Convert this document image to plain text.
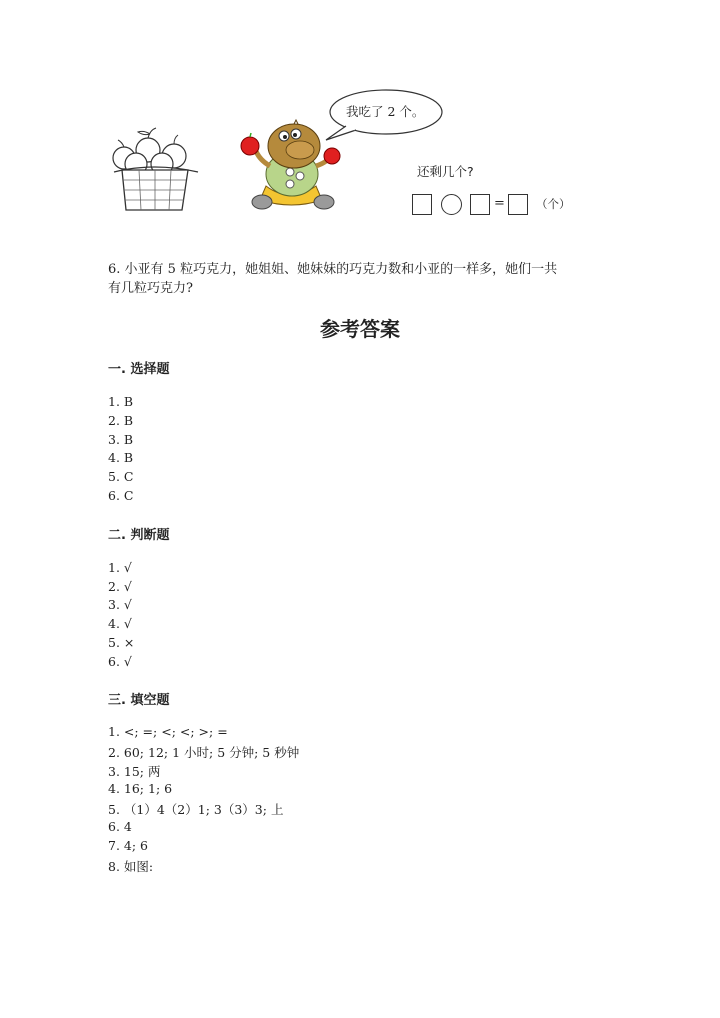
我吃了 2 个。
还剩几个?
=	（个）
6. 小亚有 5 粒巧克力，她姐姐、她妹妹的巧克力数和小亚的一样多，她们一共
有几粒巧克力?
参考答案
一. 选择题
1. B
2. B
3. B
4. B
5. C
6. C
二. 判断题
1. √
2. √
3. √
4. √
5. ×
6. √
三. 填空题
1. <; =; <; <; >; =
2. 60; 12; 1 小时; 5 分钟; 5 秒钟
3. 15; 两
4. 16; 1; 6
5. （1）4（2）1; 3（3）3; 上
6. 4
7. 4; 6
8. 如图:
